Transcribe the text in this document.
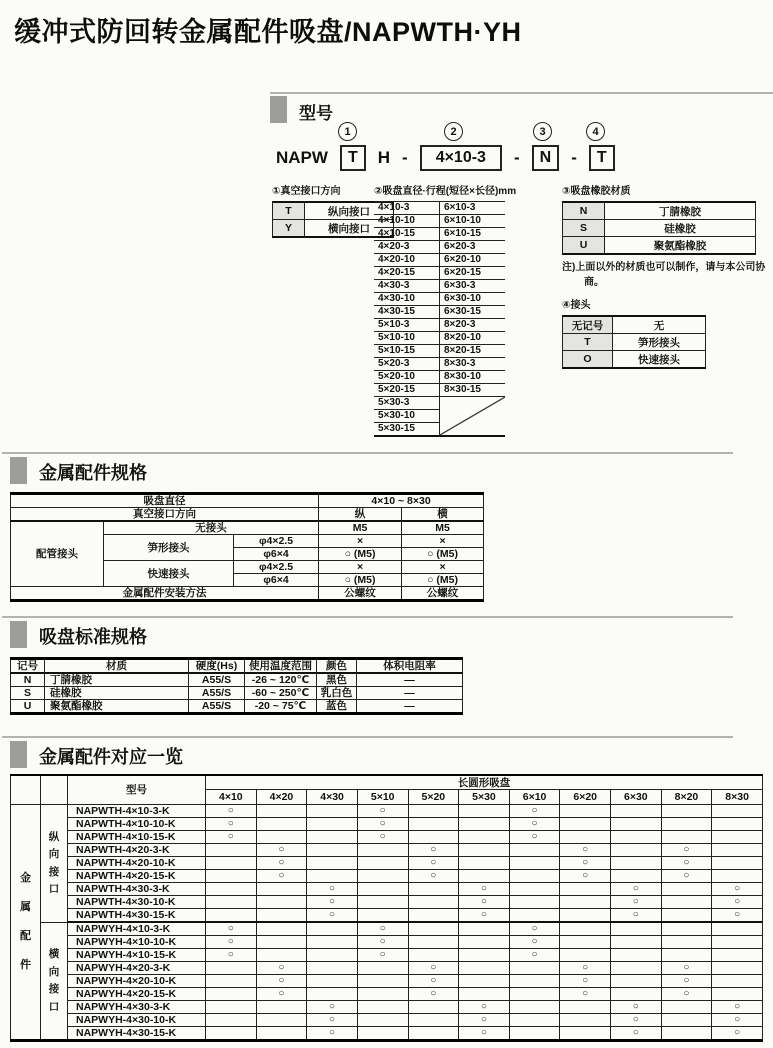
缓冲式防回转金属配件吸盘/NAPWTH·YH
型号
1	2	3	4
NAPW	T	H -	4×10-3	-	N	-	T
①真空接口方向
T	纵向接口
Y	横向接口
②吸盘直径·行程(短径×长径)mm
4×10-3	6×10-3
4×10-10	6×10-10
4×10-15	6×10-15
4×20-3	6×20-3
4×20-10	6×20-10
4×20-15	6×20-15
4×30-3	6×30-3
4×30-10	6×30-10
4×30-15	6×30-15
5×10-3	8×20-3
5×10-10	8×20-10
5×10-15	8×20-15
5×20-3	8×30-3
5×20-10	8×30-10
5×20-15	8×30-15
5×30-3	

5×30-10	
5×30-15	
③吸盘橡胶材质
N	丁腈橡胶
S	硅橡胶
U	聚氨酯橡胶
注)上面以外的材质也可以制作，请与本公司协商。
④接头
无记号	无
T	笋形接头
O	快速接头
金属配件规格
吸盘直径			4×10 ~ 8×30	
真空接口方向			纵	横
配管接头	无接头		M5	M5
	笋形接头	φ4×2.5	×	×
		φ6×4	○ (M5)	○ (M5)
	快速接头	φ4×2.5	×	×
		φ6×4	○ (M5)	○ (M5)
金属配件安装方法			公螺纹	公螺纹
吸盘标准规格
记号	材质	硬度(Hs)	使用温度范围	颜色	体积电阻率
N	丁腈橡胶	A55/S	-26 ~ 120℃	黑色	—
S	硅橡胶	A55/S	-60 ~ 250℃	乳白色	—
U	聚氨酯橡胶	A55/S	-20 ~ 75℃	蓝色	—
金属配件对应一览
		型号	长圆形吸盘										
			4×10	4×20	4×30	5×10	5×20	5×30	6×10	6×20	6×30	8×20	8×30

金
属
配
件	纵
向
接
口	NAPWTH-4×10-3-K	○			○			○				
		NAPWTH-4×10-10-K	○			○			○				
		NAPWTH-4×10-15-K	○			○			○				
		NAPWTH-4×20-3-K		○			○			○		○	
		NAPWTH-4×20-10-K		○			○			○		○	
		NAPWTH-4×20-15-K		○			○			○		○	
		NAPWTH-4×30-3-K			○			○			○		○
		NAPWTH-4×30-10-K			○			○			○		○
		NAPWTH-4×30-15-K			○			○			○		○

	横
向
接
口	NAPWYH-4×10-3-K	○			○			○				
		NAPWYH-4×10-10-K	○			○			○				
		NAPWYH-4×10-15-K	○			○			○				
		NAPWYH-4×20-3-K		○			○			○		○	
		NAPWYH-4×20-10-K		○			○			○		○	
		NAPWYH-4×20-15-K		○			○			○		○	
		NAPWYH-4×30-3-K			○			○			○		○
		NAPWYH-4×30-10-K			○			○			○		○
		NAPWYH-4×30-15-K			○			○			○		○
